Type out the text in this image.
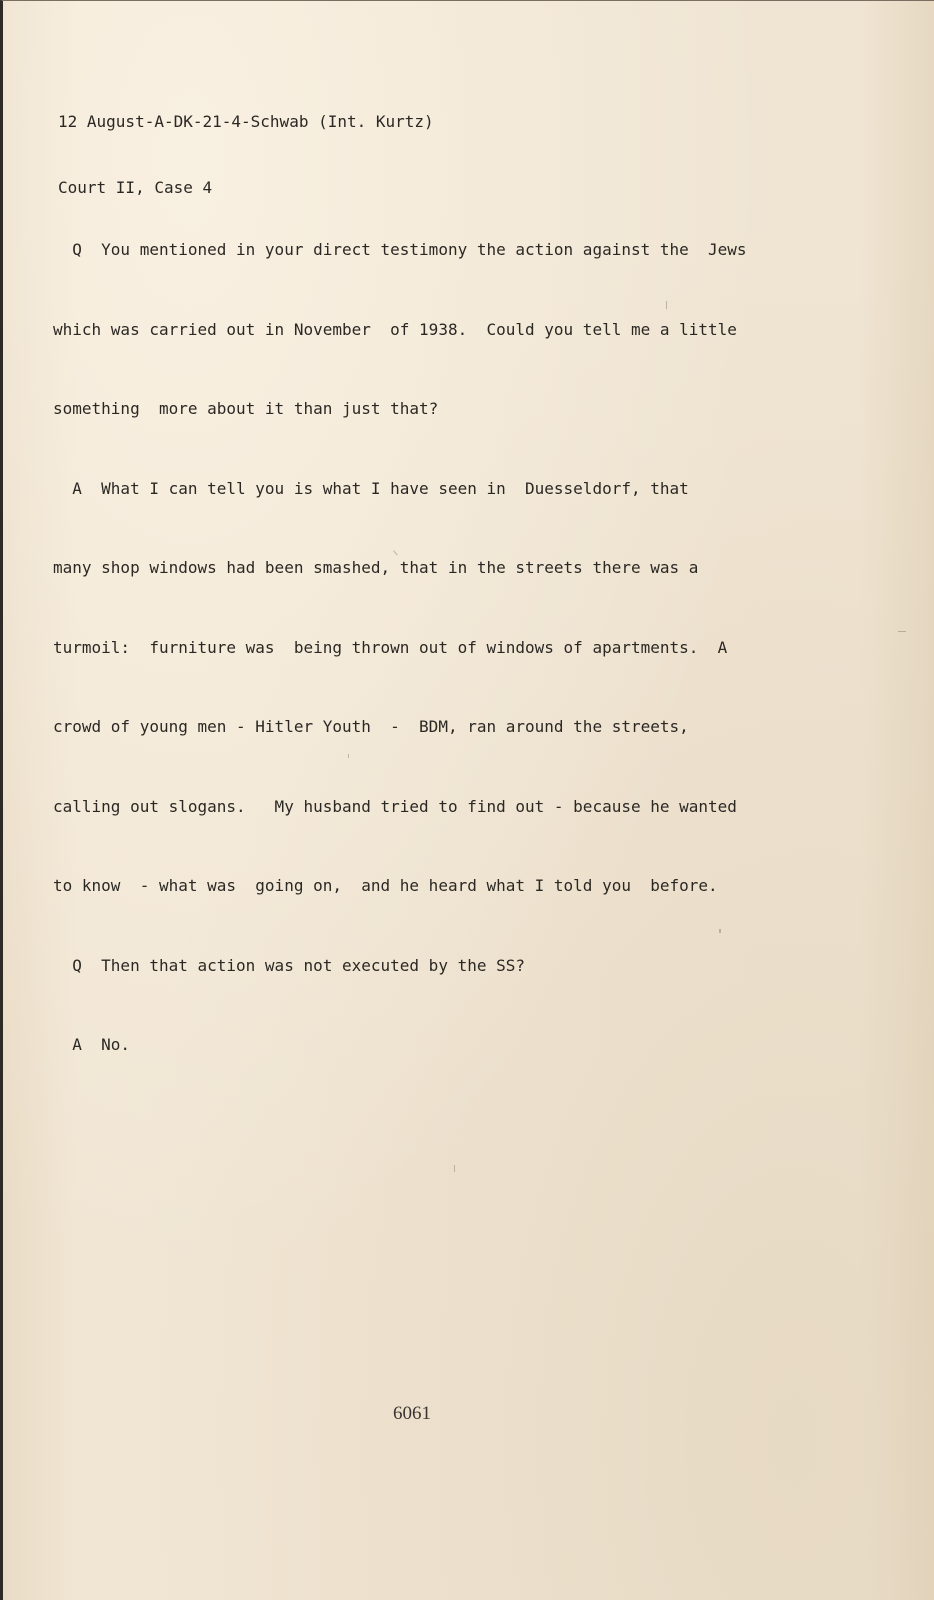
12 August-A-DK-21-4-Schwab (Int. Kurtz)

Court II, Case 4

Q  You mentioned in your direct testimony the action against the  Jews

which was carried out in November  of 1938.  Could you tell me a little

something  more about it than just that?

A  What I can tell you is what I have seen in  Duesseldorf, that

many shop windows had been smashed, that in the streets there was a

turmoil:  furniture was  being thrown out of windows of apartments.  A

crowd of young men - Hitler Youth  -  BDM, ran around the streets,

calling out slogans.   My husband tried to find out - because he wanted

to know  - what was  going on,  and he heard what I told you  before.

Q  Then that action was not executed by the SS?

A  No.

6061
